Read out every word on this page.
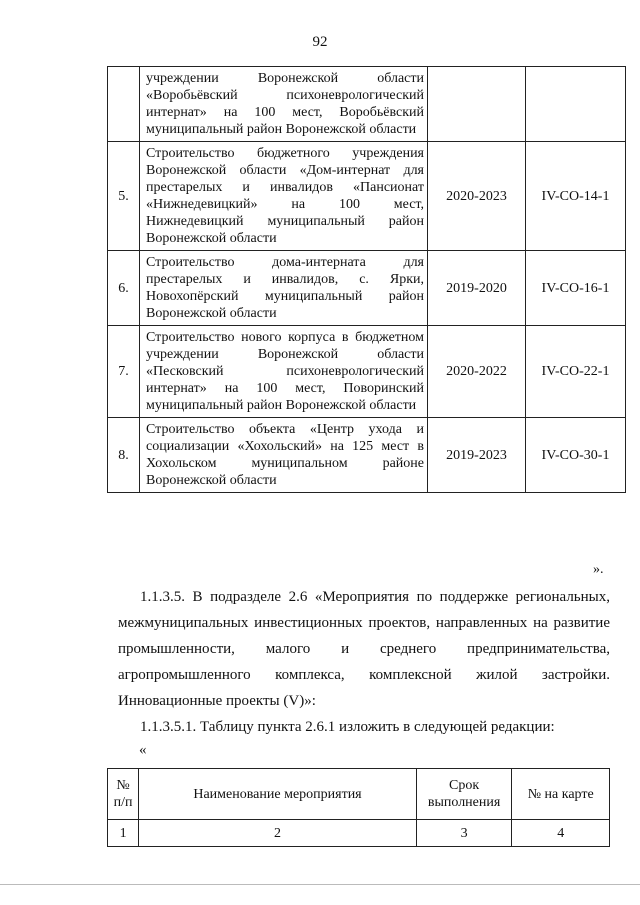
92
	учреждении Воронежской области «Воробьёвский психоневрологический интернат» на 100 мест, Воробьёвский муниципальный район Воронежской области		
5.	Строительство бюджетного учреждения Воронежской области «Дом-интернат для престарелых и инвалидов «Пансионат «Нижнедевицкий» на 100 мест, Нижнедевицкий муниципальный район Воронежской области	2020-2023	IV-CO-14-1
6.	Строительство дома-интерната для престарелых и инвалидов, с. Ярки, Новохопёрский муниципальный район Воронежской области	2019-2020	IV-CO-16-1
7.	Строительство нового корпуса в бюджетном учреждении Воронежской области «Песковский психоневрологический интернат» на 100 мест, Поворинский муниципальный район Воронежской области	2020-2022	IV-CO-22-1
8.	Строительство объекта «Центр ухода и социализации «Хохольский» на 125 мест в Хохольском муниципальном районе Воронежской области	2019-2023	IV-CO-30-1
».
1.1.3.5. В подразделе 2.6 «Мероприятия по поддержке региональных,
межмуниципальных инвестиционных проектов, направленных на развитие
промышленности, малого и среднего предпринимательства,
агропромышленного комплекса, комплексной жилой застройки.
Инновационные проекты (V)»:
1.1.3.5.1. Таблицу пункта 2.6.1 изложить в следующей редакции:
«
№ п/п	Наименование мероприятия	Срок выполнения	№ на карте
1	2	3	4
